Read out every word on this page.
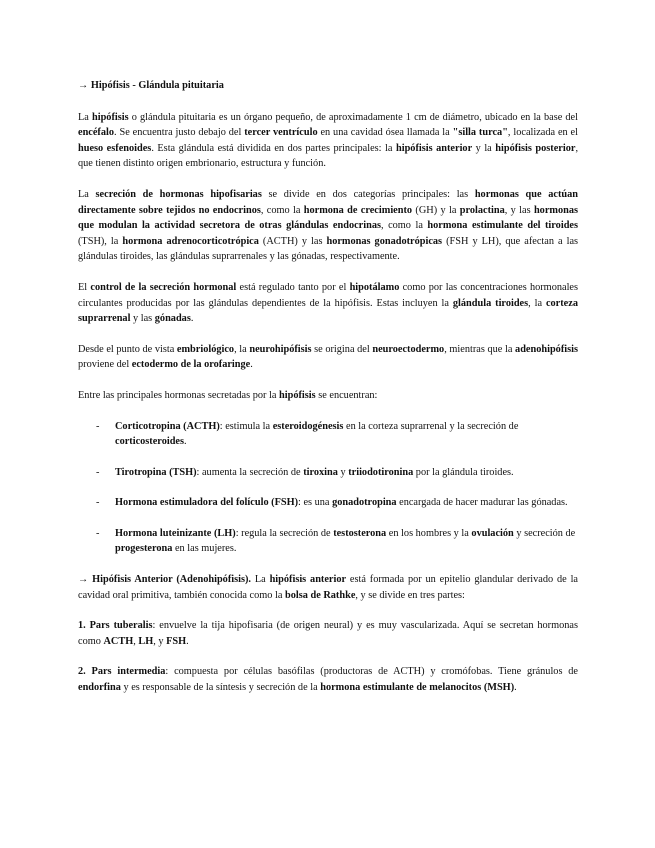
→ Hipófisis - Glándula pituitaria

La hipófisis o glándula pituitaria es un órgano pequeño, de aproximadamente 1 cm de diámetro, ubicado en la base del encéfalo. Se encuentra justo debajo del tercer ventrículo en una cavidad ósea llamada la "silla turca", localizada en el hueso esfenoides. Esta glándula está dividida en dos partes principales: la hipófisis anterior y la hipófisis posterior, que tienen distinto origen embrionario, estructura y función.

La secreción de hormonas hipofisarias se divide en dos categorías principales: las hormonas que actúan directamente sobre tejidos no endocrinos, como la hormona de crecimiento (GH) y la prolactina, y las hormonas que modulan la actividad secretora de otras glándulas endocrinas, como la hormona estimulante del tiroides (TSH), la hormona adrenocorticotrópica (ACTH) y las hormonas gonadotrópicas (FSH y LH), que afectan a las glándulas tiroides, las glándulas suprarrenales y las gónadas, respectivamente.

El control de la secreción hormonal está regulado tanto por el hipotálamo como por las concentraciones hormonales circulantes producidas por las glándulas dependientes de la hipófisis. Estas incluyen la glándula tiroides, la corteza suprarrenal y las gónadas.

Desde el punto de vista embriológico, la neurohipófisis se origina del neuroectodermo, mientras que la adenohipófisis proviene del ectodermo de la orofaringe.

Entre las principales hormonas secretadas por la hipófisis se encuentran:

- Corticotropina (ACTH): estimula la esteroidogénesis en la corteza suprarrenal y la secreción de corticosteroides.

- Tirotropina (TSH): aumenta la secreción de tiroxina y triiodotironina por la glándula tiroides.

- Hormona estimuladora del folículo (FSH): es una gonadotropina encargada de hacer madurar las gónadas.

- Hormona luteinizante (LH): regula la secreción de testosterona en los hombres y la ovulación y secreción de progesterona en las mujeres.

→ Hipófisis Anterior (Adenohipófisis). La hipófisis anterior está formada por un epitelio glandular derivado de la cavidad oral primitiva, también conocida como la bolsa de Rathke, y se divide en tres partes:

1. Pars tuberalis: envuelve la tija hipofisaria (de origen neural) y es muy vascularizada. Aquí se secretan hormonas como ACTH, LH, y FSH.

2. Pars intermedia: compuesta por células basófilas (productoras de ACTH) y cromófobas. Tiene gránulos de endorfina y es responsable de la síntesis y secreción de la hormona estimulante de melanocitos (MSH).
